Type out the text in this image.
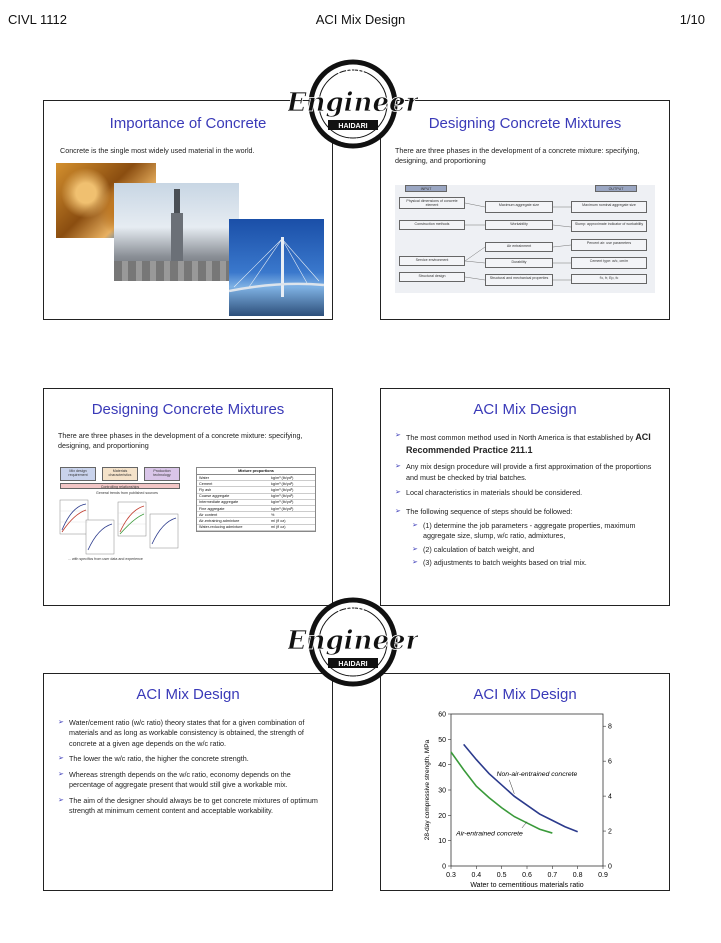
CIVL 1112	ACI Mix Design	1/10
Importance of Concrete
Concrete is the single most widely used material in the world.
Designing Concrete Mixtures
There are three phases in the development of a concrete mixture: specifying, designing, and proportioning
INPUT	OUTPUT
Physical dimensions of concrete element
Construction methods
Service environment
Structural design
Maximum aggregate size
Workability
Air entrainment
Durability
Structural and mechanical properties
Maximum nominal aggregate size
Slump: approximate indicator of workability
Percent air: use parameters
Cement type: w/c, cm/m
f'c, fr, Ep, fc
Designing Concrete Mixtures
There are three phases in the development of a concrete mixture: specifying, designing, and proportioning
Mix design requirement
Materials characteristics
Production technology
Controlling relationships
General trends from published sources
... with specifics from user data and experience
Mixture proportions
Water	kg/m³ (lb/yd³)
Cement	kg/m³ (lb/yd³)
Fly ash	kg/m³ (lb/yd³)
Coarse aggregate	kg/m³ (lb/yd³)
Intermediate aggregate	kg/m³ (lb/yd³)
Fine aggregate	kg/m³ (lb/yd³)
Air content	%
Air-entraining admixture	ml (fl oz)
Water-reducing admixture	ml (fl oz)
ACI Mix Design
➢ The most common method used in North America is that established by ACI Recommended Practice 211.1
➢ Any mix design procedure will provide a first approximation of the proportions and must be checked by trial batches.
➢ Local characteristics in materials should be considered.
➢ The following sequence of steps should be followed:
➢ (1) determine the job parameters - aggregate properties, maximum aggregate size, slump, w/c ratio, admixtures,
➢ (2) calculation of batch weight, and
➢ (3) adjustments to batch weights based on trial mix.
ACI Mix Design
➢ Water/cement ratio (w/c ratio) theory states that for a given combination of materials and as long as workable consistency is obtained, the strength of concrete at a given age depends on the w/c ratio.
➢ The lower the w/c ratio, the higher the concrete strength.
➢ Whereas strength depends on the w/c ratio, economy depends on the percentage of aggregate present that would still give a workable mix.
➢ The aim of the designer should always be to get concrete mixtures of optimum strength at minimum cement content and acceptable workability.
ACI Mix Design
0.3 0.4 0.5 0.6 0.7 0.8 0.9
0
10
20
30
40
50
60
0
2
4
6
8
Water to cementitious materials ratio
28-day compressive strength, MPa	Non-air-entrained concrete
Air-entrained concrete
CIVIL
Engineer
HAIDARI
★ ★ ★ ★
CIVIL
Engineer
HAIDARI
★ ★ ★ ★
